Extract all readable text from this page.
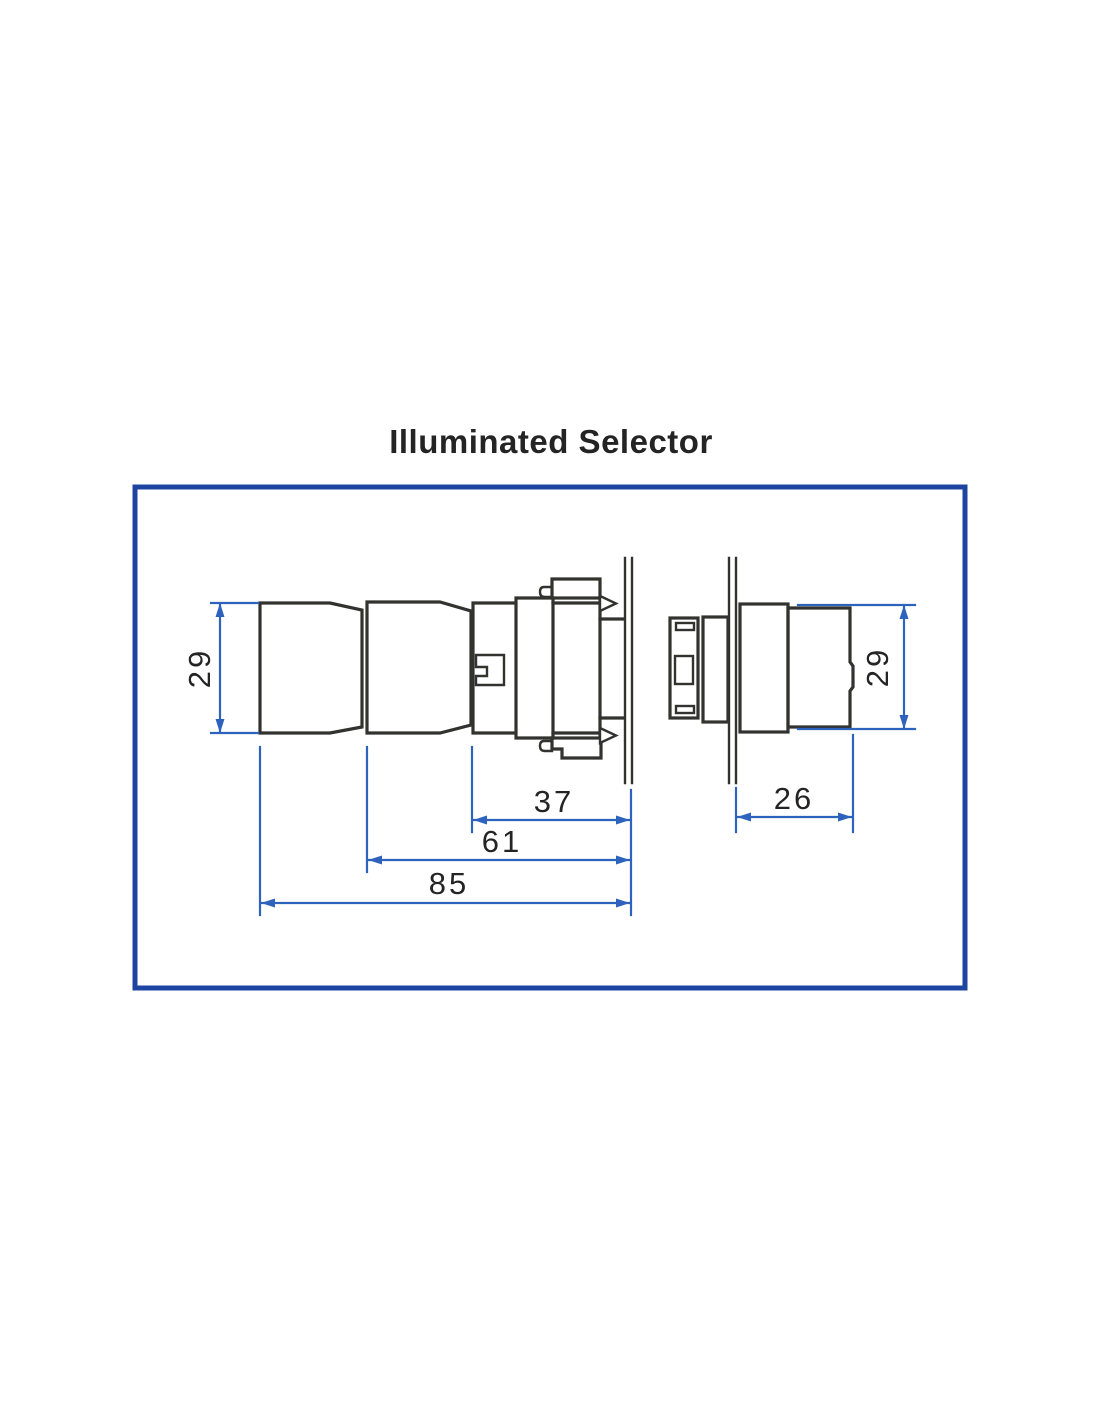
Illuminated Selector
29
37
61
85
26
29
